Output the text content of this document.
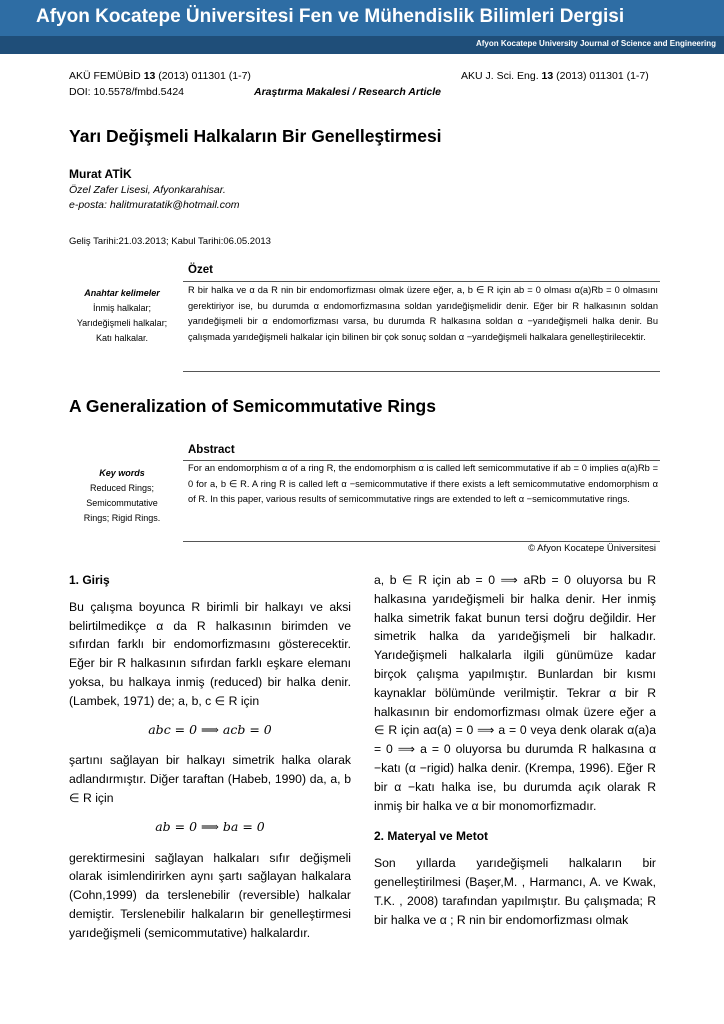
Afyon Kocatepe Üniversitesi Fen ve Mühendislik Bilimleri Dergisi
Afyon Kocatepe University Journal of Science and Engineering
AKÜ FEMÜBİD 13 (2013) 011301 (1-7)	AKU J. Sci. Eng. 13 (2013) 011301 (1-7)
DOI: 10.5578/fmbd.5424	Araştırma Makalesi / Research Article
Yarı Değişmeli Halkaların Bir Genelleştirmesi
Murat ATİK
Özel Zafer Lisesi, Afyonkarahisar.
e-posta: halitmuratatik@hotmail.com
Geliş Tarihi:21.03.2013; Kabul Tarihi:06.05.2013
Özet
Anahtar kelimeler
İnmiş halkalar;
Yarıdeğişmeli halkalar;
Katı halkalar.
R bir halka ve α da R nin bir endomorfizması olmak üzere eğer, a, b ∈ R için ab = 0 olması α(a)Rb = 0 olmasını gerektiriyor ise, bu durumda α endomorfizmasına soldan yarıdeğişmelidir denir. Eğer bir R halkasının soldan yarıdeğişmeli bir α endomorfizması varsa, bu durumda R halkasına soldan α −yarıdeğişmeli halka denir. Bu çalışmada yarıdeğişmeli halkalar için bilinen bir çok sonuç soldan α −yarıdeğişmeli halkalara genelleştirilecektir.
A Generalization of Semicommutative Rings
Abstract
Key words
Reduced Rings;
Semicommutative
Rings; Rigid Rings.
For an endomorphism α of a ring R, the endomorphism α is called left semicommutative if ab = 0 implies α(a)Rb = 0 for a, b ∈ R. A ring R is called left α −semicommutative if there exists a left semicommutative endomorphism α of R. In this paper, various results of semicommutative rings are extended to left α −semicommutative rings.
© Afyon Kocatepe Üniversitesi
1. Giriş

Bu çalışma boyunca R birimli bir halkayı ve aksi belirtilmedikçe α da R halkasının birimden ve sıfırdan farklı bir endomorfizmasını gösterecektir. Eğer bir R halkasının sıfırdan farklı eşkare elemanı yoksa, bu halkaya inmiş (reduced) bir halka denir. (Lambek, 1971) de; a, b, c ∈ R için

abc = 0 ⟹ acb = 0

şartını sağlayan bir halkayı simetrik halka olarak adlandırmıştır. Diğer taraftan (Habeb, 1990) da, a, b ∈ R için

ab = 0 ⟹ ba = 0

gerektirmesini sağlayan halkaları sıfır değişmeli olarak isimlendirirken aynı şartı sağlayan halkalara (Cohn,1999) da terslenebilir (reversible) halkalar demiştir. Terslenebilir halkaların bir genelleştirmesi yarıdeğişmeli (semicommutative) halkalardır.

a, b ∈ R için ab = 0 ⟹ aRb = 0 oluyorsa bu R halkasına yarıdeğişmeli bir halka denir. Her inmiş halka simetrik fakat bunun tersi doğru değildir. Her simetrik halka da yarıdeğişmeli bir halkadır. Yarıdeğişmeli halkalarla ilgili günümüze kadar birçok çalışma yapılmıştır. Bunlardan bir kısmı kaynaklar bölümünde verilmiştir. Tekrar α bir R halkasının bir endomorfizması olmak üzere eğer a ∈ R için aα(a) = 0 ⟹ a = 0 veya denk olarak α(a)a = 0 ⟹ a = 0 oluyorsa bu durumda R halkasına α −katı (α −rigid) halka denir. (Krempa, 1996). Eğer R bir α −katı halka ise, bu durumda açık olarak R inmiş bir halka ve α bir monomorfizmadır.

2. Materyal ve Metot

Son yıllarda yarıdeğişmeli halkaların bir genelleştirilmesi (Başer,M. , Harmancı, A. ve Kwak, T.K. , 2008) tarafından yapılmıştır. Bu çalışmada; R bir halka ve α ; R nin bir endomorfizması olmak
